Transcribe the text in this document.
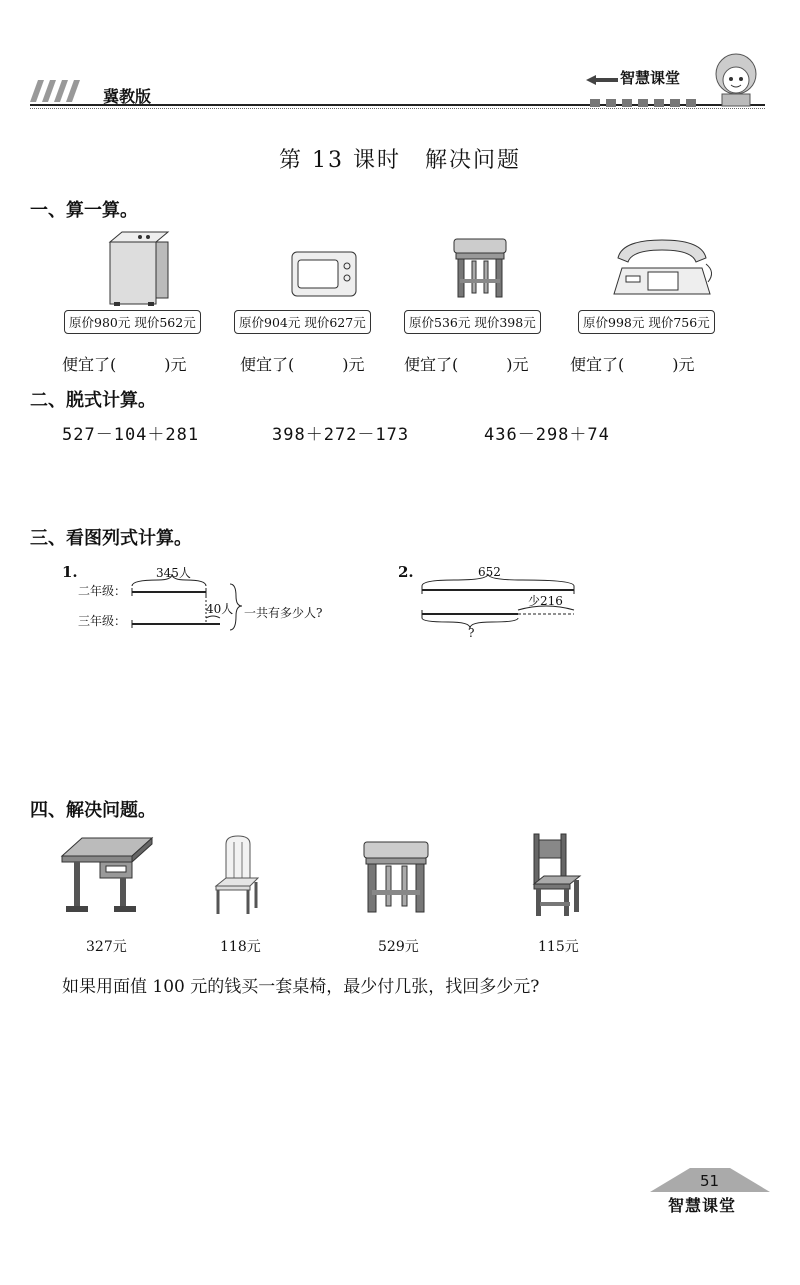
冀教版
智慧课堂
第 13 课时　解决问题
一、算一算。
原价980元 现价562元	原价904元 现价627元	原价536元 现价398元	原价998元 现价756元
便宜了(　　　)元	便宜了(　　　)元 便宜了(　　　)元	便宜了(　　　)元
二、脱式计算。
527－104＋281	398＋272－173	436－298＋74
三、看图列式计算。
1.
二年级：
三年级：
345人
40人 一共有多少人?
2.	652
少216
?
四、解决问题。
327元	118元	529元	115元
如果用面值 100 元的钱买一套桌椅，最少付几张，找回多少元?
51
智慧课堂
